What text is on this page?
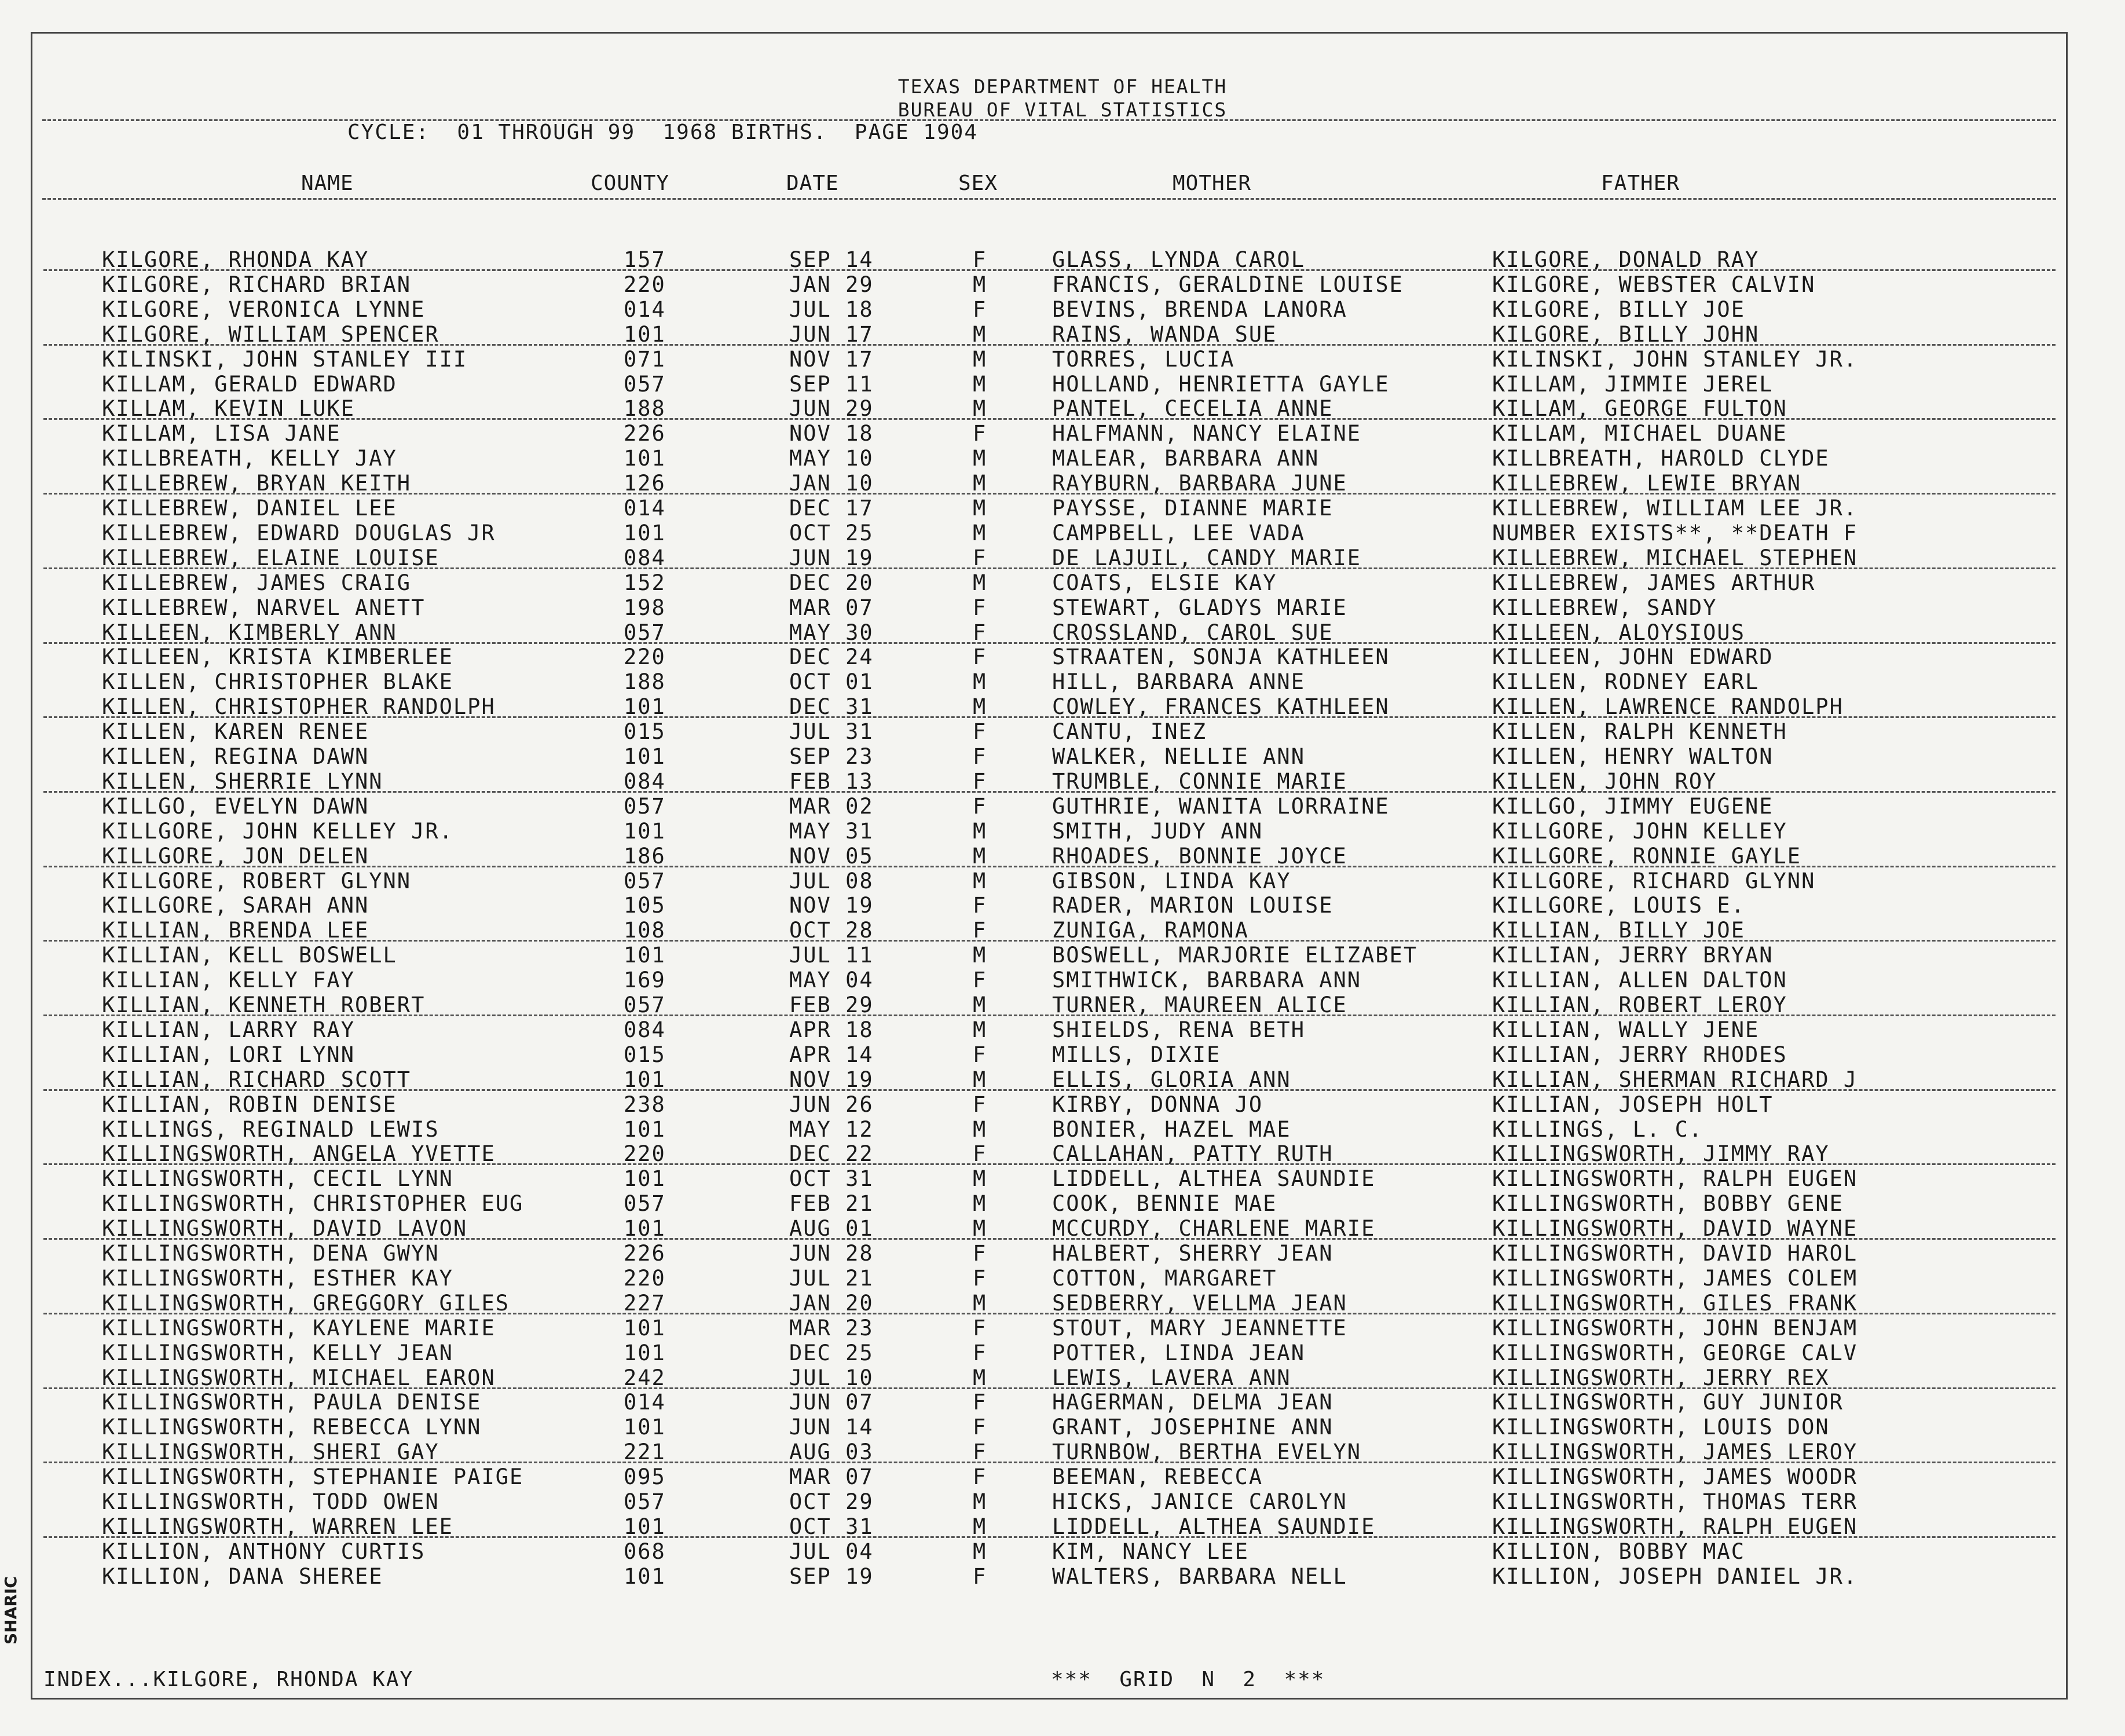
TEXAS DEPARTMENT OF HEALTH
BUREAU OF VITAL STATISTICS
CYCLE:  01 THROUGH 99  1968 BIRTHS.  PAGE 1904
NAME	COUNTY	DATE	SEX	MOTHER	FATHER
KILGORE, RHONDA KAY	157	SEP 14	F	GLASS, LYNDA CAROL	KILGORE, DONALD RAY
KILGORE, RICHARD BRIAN	220	JAN 29	M	FRANCIS, GERALDINE LOUISE	KILGORE, WEBSTER CALVIN
KILGORE, VERONICA LYNNE	014	JUL 18	F	BEVINS, BRENDA LANORA	KILGORE, BILLY JOE
KILGORE, WILLIAM SPENCER	101	JUN 17	M	RAINS, WANDA SUE	KILGORE, BILLY JOHN
KILINSKI, JOHN STANLEY III	071	NOV 17	M	TORRES, LUCIA	KILINSKI, JOHN STANLEY JR.
KILLAM, GERALD EDWARD	057	SEP 11	M	HOLLAND, HENRIETTA GAYLE	KILLAM, JIMMIE JEREL
KILLAM, KEVIN LUKE	188	JUN 29	M	PANTEL, CECELIA ANNE	KILLAM, GEORGE FULTON
KILLAM, LISA JANE	226	NOV 18	F	HALFMANN, NANCY ELAINE	KILLAM, MICHAEL DUANE
KILLBREATH, KELLY JAY	101	MAY 10	M	MALEAR, BARBARA ANN	KILLBREATH, HAROLD CLYDE
KILLEBREW, BRYAN KEITH	126	JAN 10	M	RAYBURN, BARBARA JUNE	KILLEBREW, LEWIE BRYAN
KILLEBREW, DANIEL LEE	014	DEC 17	M	PAYSSE, DIANNE MARIE	KILLEBREW, WILLIAM LEE JR.
KILLEBREW, EDWARD DOUGLAS JR	101	OCT 25	M	CAMPBELL, LEE VADA	NUMBER EXISTS**, **DEATH F
KILLEBREW, ELAINE LOUISE	084	JUN 19	F	DE LAJUIL, CANDY MARIE	KILLEBREW, MICHAEL STEPHEN
KILLEBREW, JAMES CRAIG	152	DEC 20	M	COATS, ELSIE KAY	KILLEBREW, JAMES ARTHUR
KILLEBREW, NARVEL ANETT	198	MAR 07	F	STEWART, GLADYS MARIE	KILLEBREW, SANDY
KILLEEN, KIMBERLY ANN	057	MAY 30	F	CROSSLAND, CAROL SUE	KILLEEN, ALOYSIOUS
KILLEEN, KRISTA KIMBERLEE	220	DEC 24	F	STRAATEN, SONJA KATHLEEN	KILLEEN, JOHN EDWARD
KILLEN, CHRISTOPHER BLAKE	188	OCT 01	M	HILL, BARBARA ANNE	KILLEN, RODNEY EARL
KILLEN, CHRISTOPHER RANDOLPH	101	DEC 31	M	COWLEY, FRANCES KATHLEEN	KILLEN, LAWRENCE RANDOLPH
KILLEN, KAREN RENEE	015	JUL 31	F	CANTU, INEZ	KILLEN, RALPH KENNETH
KILLEN, REGINA DAWN	101	SEP 23	F	WALKER, NELLIE ANN	KILLEN, HENRY WALTON
KILLEN, SHERRIE LYNN	084	FEB 13	F	TRUMBLE, CONNIE MARIE	KILLEN, JOHN ROY
KILLGO, EVELYN DAWN	057	MAR 02	F	GUTHRIE, WANITA LORRAINE	KILLGO, JIMMY EUGENE
KILLGORE, JOHN KELLEY JR.	101	MAY 31	M	SMITH, JUDY ANN	KILLGORE, JOHN KELLEY
KILLGORE, JON DELEN	186	NOV 05	M	RHOADES, BONNIE JOYCE	KILLGORE, RONNIE GAYLE
KILLGORE, ROBERT GLYNN	057	JUL 08	M	GIBSON, LINDA KAY	KILLGORE, RICHARD GLYNN
KILLGORE, SARAH ANN	105	NOV 19	F	RADER, MARION LOUISE	KILLGORE, LOUIS E.
KILLIAN, BRENDA LEE	108	OCT 28	F	ZUNIGA, RAMONA	KILLIAN, BILLY JOE
KILLIAN, KELL BOSWELL	101	JUL 11	M	BOSWELL, MARJORIE ELIZABET	KILLIAN, JERRY BRYAN
KILLIAN, KELLY FAY	169	MAY 04	F	SMITHWICK, BARBARA ANN	KILLIAN, ALLEN DALTON
KILLIAN, KENNETH ROBERT	057	FEB 29	M	TURNER, MAUREEN ALICE	KILLIAN, ROBERT LEROY
KILLIAN, LARRY RAY	084	APR 18	M	SHIELDS, RENA BETH	KILLIAN, WALLY JENE
KILLIAN, LORI LYNN	015	APR 14	F	MILLS, DIXIE	KILLIAN, JERRY RHODES
KILLIAN, RICHARD SCOTT	101	NOV 19	M	ELLIS, GLORIA ANN	KILLIAN, SHERMAN RICHARD J
KILLIAN, ROBIN DENISE	238	JUN 26	F	KIRBY, DONNA JO	KILLIAN, JOSEPH HOLT
KILLINGS, REGINALD LEWIS	101	MAY 12	M	BONIER, HAZEL MAE	KILLINGS, L. C.
KILLINGSWORTH, ANGELA YVETTE	220	DEC 22	F	CALLAHAN, PATTY RUTH	KILLINGSWORTH, JIMMY RAY
KILLINGSWORTH, CECIL LYNN	101	OCT 31	M	LIDDELL, ALTHEA SAUNDIE	KILLINGSWORTH, RALPH EUGEN
KILLINGSWORTH, CHRISTOPHER EUG	057	FEB 21	M	COOK, BENNIE MAE	KILLINGSWORTH, BOBBY GENE
KILLINGSWORTH, DAVID LAVON	101	AUG 01	M	MCCURDY, CHARLENE MARIE	KILLINGSWORTH, DAVID WAYNE
KILLINGSWORTH, DENA GWYN	226	JUN 28	F	HALBERT, SHERRY JEAN	KILLINGSWORTH, DAVID HAROL
KILLINGSWORTH, ESTHER KAY	220	JUL 21	F	COTTON, MARGARET	KILLINGSWORTH, JAMES COLEM
KILLINGSWORTH, GREGGORY GILES	227	JAN 20	M	SEDBERRY, VELLMA JEAN	KILLINGSWORTH, GILES FRANK
KILLINGSWORTH, KAYLENE MARIE	101	MAR 23	F	STOUT, MARY JEANNETTE	KILLINGSWORTH, JOHN BENJAM
KILLINGSWORTH, KELLY JEAN	101	DEC 25	F	POTTER, LINDA JEAN	KILLINGSWORTH, GEORGE CALV
KILLINGSWORTH, MICHAEL EARON	242	JUL 10	M	LEWIS, LAVERA ANN	KILLINGSWORTH, JERRY REX
KILLINGSWORTH, PAULA DENISE	014	JUN 07	F	HAGERMAN, DELMA JEAN	KILLINGSWORTH, GUY JUNIOR
KILLINGSWORTH, REBECCA LYNN	101	JUN 14	F	GRANT, JOSEPHINE ANN	KILLINGSWORTH, LOUIS DON
KILLINGSWORTH, SHERI GAY	221	AUG 03	F	TURNBOW, BERTHA EVELYN	KILLINGSWORTH, JAMES LEROY
KILLINGSWORTH, STEPHANIE PAIGE	095	MAR 07	F	BEEMAN, REBECCA	KILLINGSWORTH, JAMES WOODR
KILLINGSWORTH, TODD OWEN	057	OCT 29	M	HICKS, JANICE CAROLYN	KILLINGSWORTH, THOMAS TERR
KILLINGSWORTH, WARREN LEE	101	OCT 31	M	LIDDELL, ALTHEA SAUNDIE	KILLINGSWORTH, RALPH EUGEN
KILLION, ANTHONY CURTIS	068	JUL 04	M	KIM, NANCY LEE	KILLION, BOBBY MAC
KILLION, DANA SHEREE	101	SEP 19	F	WALTERS, BARBARA NELL	KILLION, JOSEPH DANIEL JR.
INDEX...KILGORE, RHONDA KAY	***  GRID  N  2  ***
SHARIC
